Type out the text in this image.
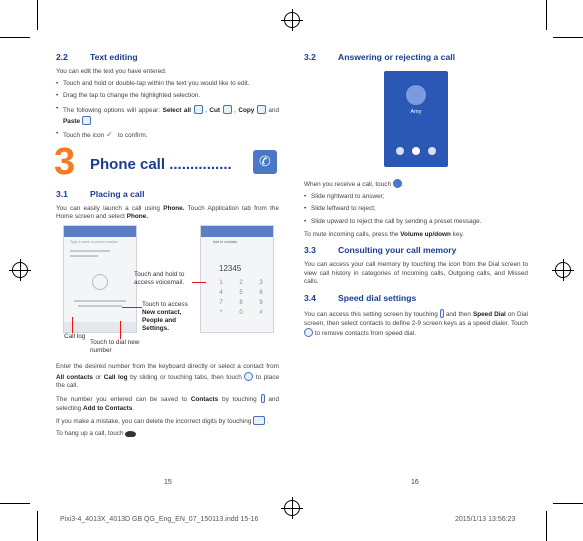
2.2	Text editing

You can edit the text you have entered.

• Touch and hold or double-tap within the text you would like to edit.
• Drag the tap to change the highlighted selection.
• The following options will appear: Select all  , Cut  , Copy and Paste
• Touch the icon ✓ to confirm.
3 Phone call ...............
✆
3.1	Placing a call

You can easily launch a call using Phone. Touch Application tab from the Home screen and select Phone.

Type a name or phone number	Add to contacts
12345
1	2	3
4	5	6
7	8	9
*	0	#
Touch and hold to access voicemail.
Touch to access
New contact,
People and
Settings.
Touch to dial new number
Call log

Enter the desired number from the keyboard directly or select a contact from All contacts or Call log by sliding or touching tabs, then touch to place the call.

The number you entered can be saved to Contacts by touching and selecting Add to Contacts.

If you make a mistake, you can delete the incorrect digits by touching  .

To hang up a call, touch

15
3.2	Answering or rejecting a call
Amy

When you receive a call, touch .

• Slide rightward to answer;
• Slide leftward to reject;
• Slide upward to reject the call by sending a preset message.

To mute incoming calls, press the Volume up/down key.

3.3	Consulting your call memory

You can access your call memory by touching the icon from the Dial screen to view call history in categories of Incoming calls, Outgoing calls, and Missed calls.

3.4	Speed dial settings

You can access this setting screen by touching and then Speed Dial on Dial screen, then select contacts to define 2-9 screen keys as a speed dialer. Touch  to remove contacts from speed dial.

16
Pixi3-4_4013X_4013D GB QG_Eng_EN_07_150113.indd 15-16	2015/1/13 13:56:23
